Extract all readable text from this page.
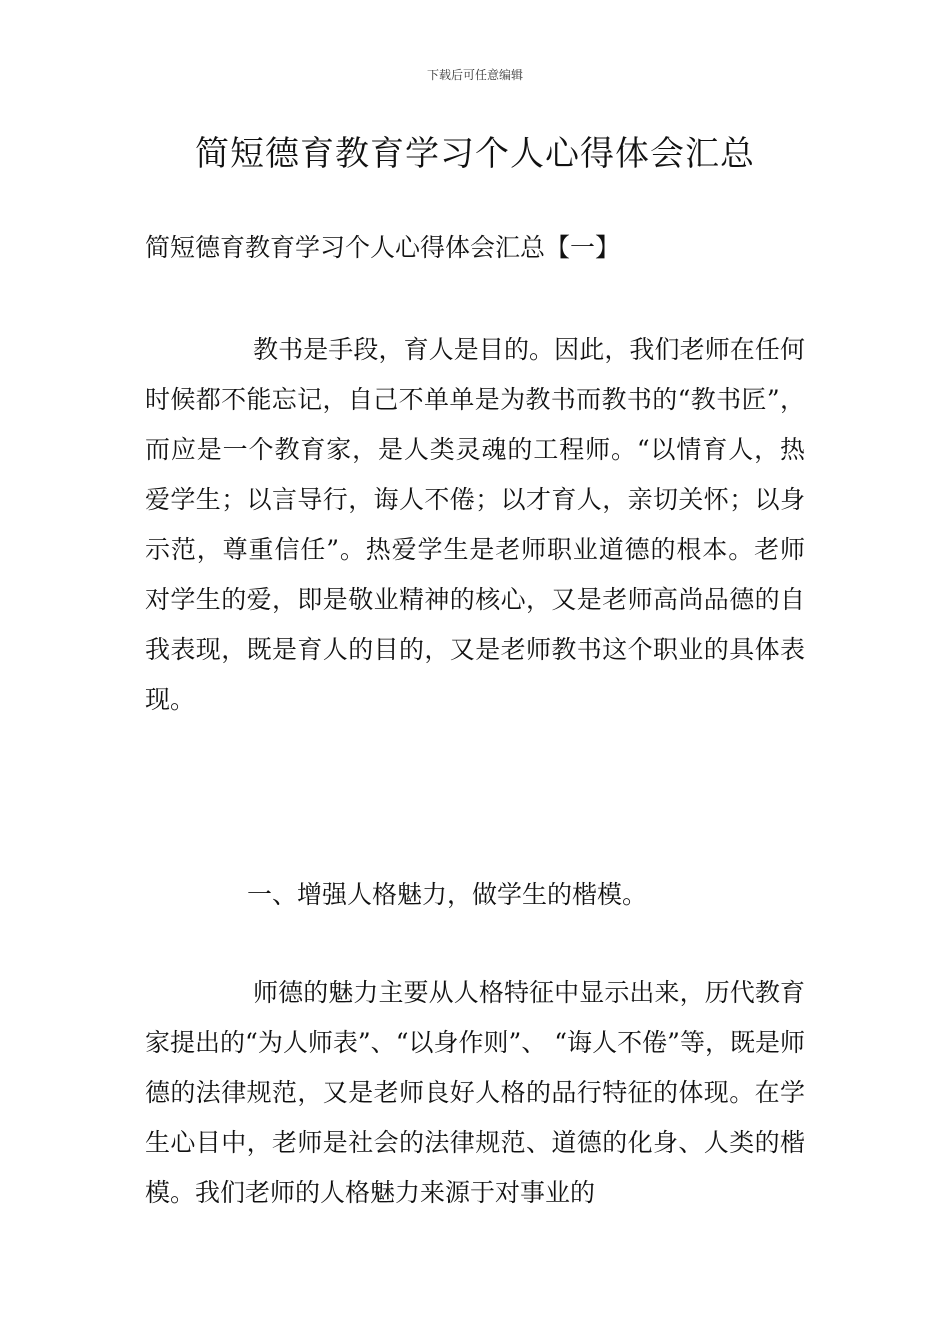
下载后可任意编辑
简短德育教育学习个人心得体会汇总
简短德育教育学习个人心得体会汇总【一】

教书是手段，育人是目的。因此，我们老师在任何时候都不能忘记，自己不单单是为教书而教书的“教书匠”，而应是一个教育家，是人类灵魂的工程师。“以情育人，热爱学生；以言导行，诲人不倦；以才育人，亲切关怀；以身示范，尊重信任”。热爱学生是老师职业道德的根本。老师对学生的爱，即是敬业精神的核心，又是老师高尚品德的自我表现，既是育人的目的，又是老师教书这个职业的具体表现。

一、增强人格魅力，做学生的楷模。

师德的魅力主要从人格特征中显示出来，历代教育家提出的“为人师表”、“以身作则”、 “诲人不倦”等，既是师德的法律规范，又是老师良好人格的品行特征的体现。在学生心目中，老师是社会的法律规范、道德的化身、人类的楷模。我们老师的人格魅力来源于对事业的
